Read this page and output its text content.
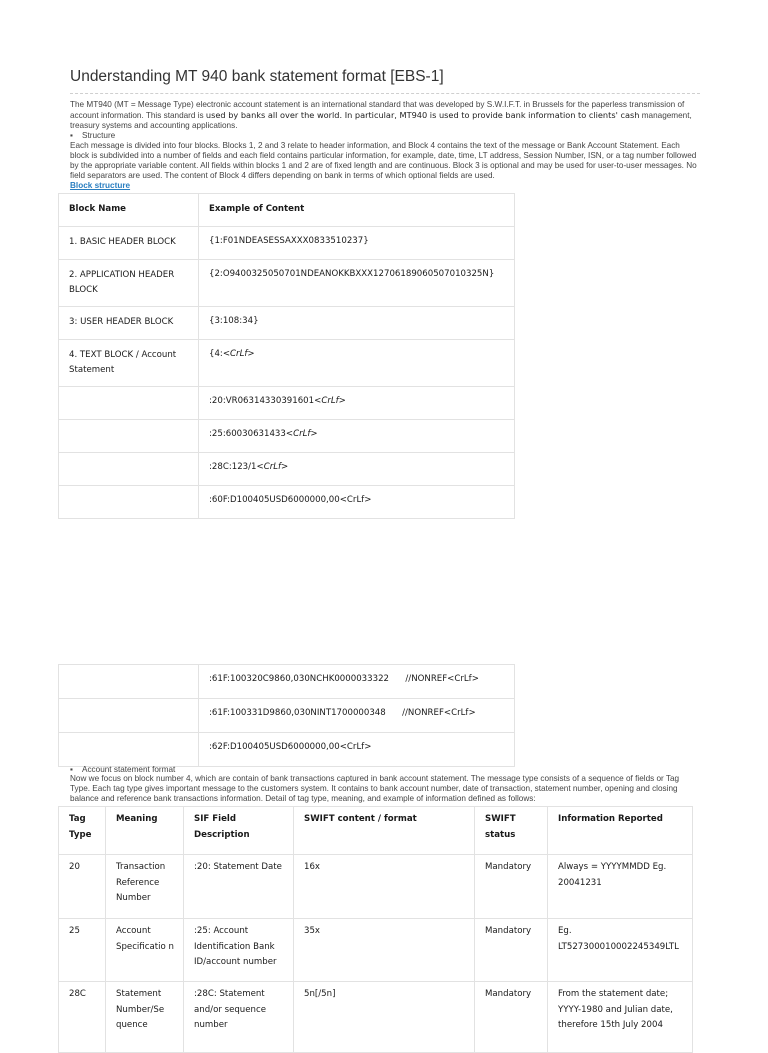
Understanding MT 940 bank statement format [EBS-1]
The MT940 (MT = Message Type) electronic account statement is an international standard that was developed by S.W.I.F.T. in Brussels for the paperless transmission of account information. This standard is used by banks all over the world. In particular, MT940 is used to provide bank information to clients' cash management, treasury systems and accounting applications.
▪ Structure
Each message is divided into four blocks. Blocks 1, 2 and 3 relate to header information, and Block 4 contains the text of the message or Bank Account Statement. Each block is subdivided into a number of fields and each field contains particular information, for example, date, time, LT address, Session Number, ISN, or a tag number followed by the appropriate variable content. All fields within blocks 1 and 2 are of fixed length and are continuous. Block 3 is optional and may be used for user-to-user messages. No field separators are used. The content of Block 4 differs depending on bank in terms of which optional fields are used.
Block structure
Block Name	Example of Content
1. BASIC HEADER BLOCK	{1:F01NDEASESSAXXX0833510237}
2. APPLICATION HEADER BLOCK	{2:O9400325050701NDEANOKKBXXX12706189060507010325N}
3: USER HEADER BLOCK	{3:108:34}
4. TEXT BLOCK / Account Statement	{4:<CrLf>
	:20:VR06314330391601<CrLf>
	:25:60030631433<CrLf>
	:28C:123/1<CrLf>
	:60F:D100405USD6000000,00<CrLf>
	:61F:100320C9860,030NCHK0000033322      //NONREF<CrLf>
	:61F:100331D9860,030NINT1700000348      //NONREF<CrLf>
	:62F:D100405USD6000000,00<CrLf>
▪ Account statement format
Now we focus on block number 4, which are contain of bank transactions captured in bank account statement. The message type consists of a sequence of fields or Tag Type. Each tag type gives important message to the customers system. It contains to bank account number, date of transaction, statement number, opening and closing balance and reference bank transactions information. Detail of tag type, meaning, and example of information defined as follows:
Tag Type	Meaning	SIF Field Description	SWIFT content / format	SWIFT status	Information Reported
20	Transaction Reference Number	:20: Statement Date	16x	Mandatory	Always = YYYYMMDD Eg. 20041231
25	Account Specificatio n	:25: Account Identification Bank ID/account number	35x	Mandatory	Eg. LT527300010002245349LTL
28C	Statement Number/Se quence	:28C: Statement and/or sequence number	5n[/5n]	Mandatory	From the statement date; YYYY-1980 and Julian date, therefore 15th July 2004
